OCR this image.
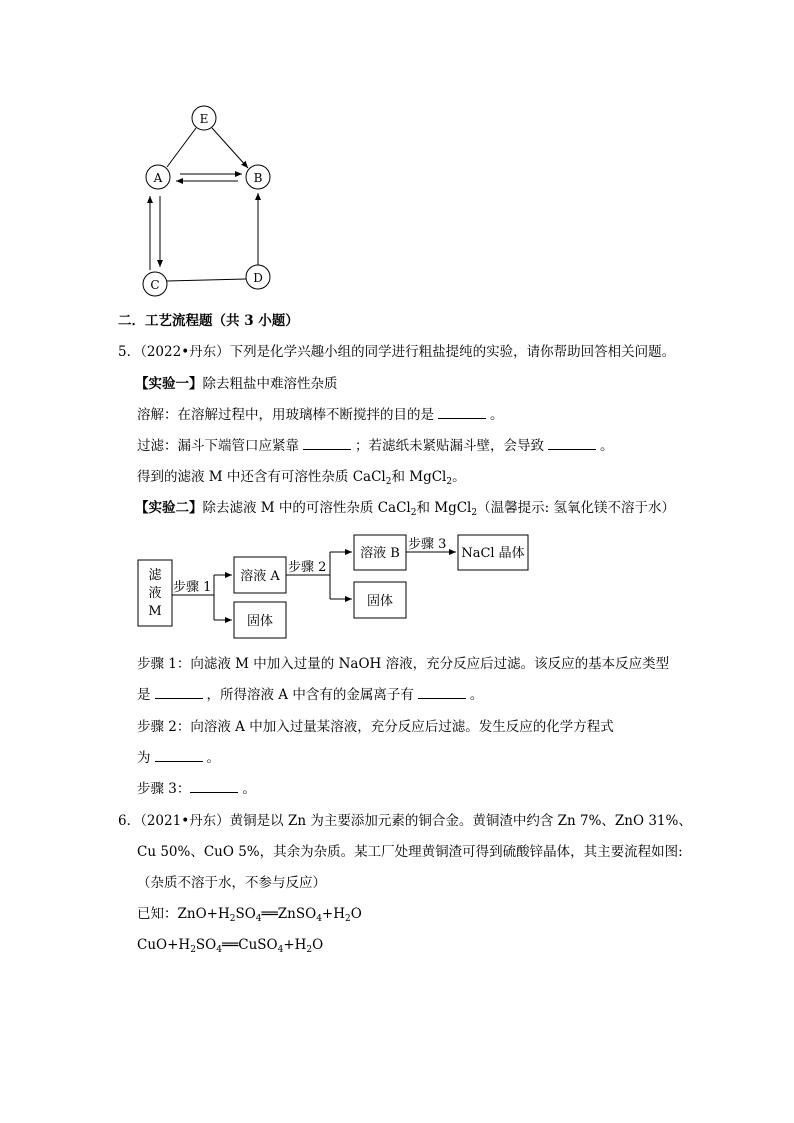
E
A	B
C	D
二．工艺流程题（共 3 小题）
5．（2022•丹东）下列是化学兴趣小组的同学进行粗盐提纯的实验，请你帮助回答相关问题。
【实验一】除去粗盐中难溶性杂质
溶解：在溶解过程中，用玻璃棒不断搅拌的目的是	。
过滤：漏斗下端管口应紧靠	；若滤纸未紧贴漏斗壁，会导致	。
得到的滤液 M 中还含有可溶性杂质 CaCl$_2$和 MgCl$_2$。
【实验二】除去滤液 M 中的可溶性杂质 CaCl$_2$和 MgCl$_2$（温馨提示: 氢氧化镁不溶于水）
滤
液
M
步骤 1
溶液 A
固体
步骤 2
溶液 B
固体
步骤 3
NaCl 晶体
步骤 1：向滤液 M 中加入过量的 NaOH 溶液，充分反应后过滤。该反应的基本反应类型
是	，所得溶液 A 中含有的金属离子有	。
步骤 2：向溶液 A 中加入过量某溶液，充分反应后过滤。发生反应的化学方程式
为	。
步骤 3：	。
6．（2021•丹东）黄铜是以 Zn 为主要添加元素的铜合金。黄铜渣中约含 Zn 7%、ZnO 31%、
Cu 50%、CuO 5%，其余为杂质。某工厂处理黄铜渣可得到硫酸锌晶体，其主要流程如图:
（杂质不溶于水，不参与反应）
已知：$ZnO+H_2SO_4══ZnSO_4+H_2O$
$CuO+H_2SO_4══CuSO_4+H_2O$
